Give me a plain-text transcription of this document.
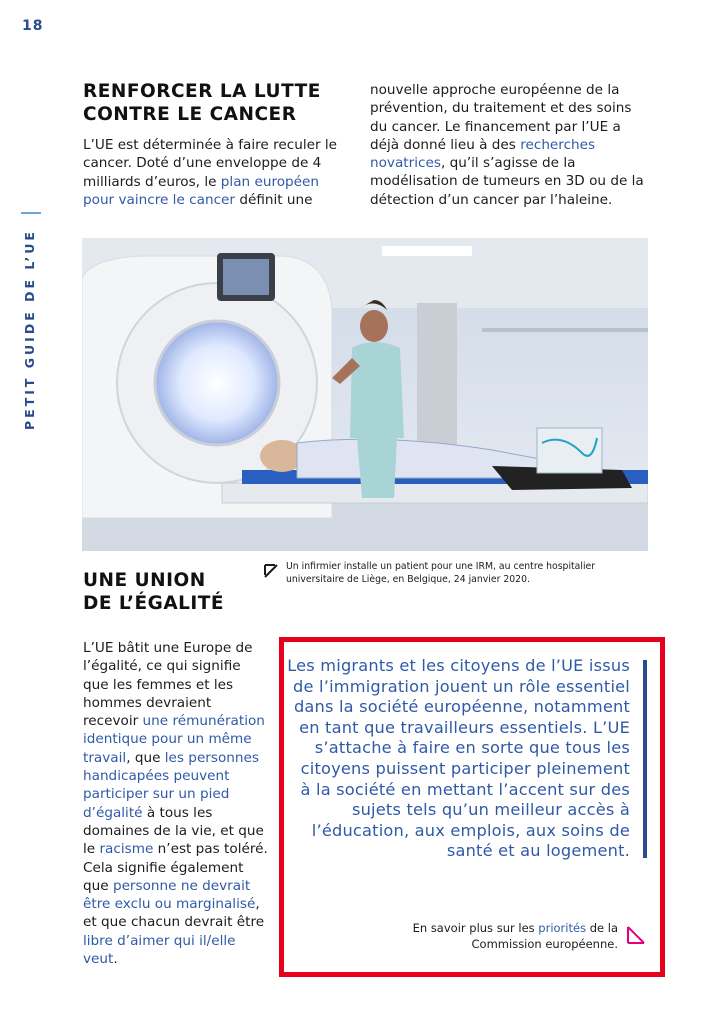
18
PETIT GUIDE DE L’UE
RENFORCER LA LUTTE
CONTRE LE CANCER

L’UE est déterminée à faire reculer le cancer. Doté d’une enveloppe de 4 milliards d’euros, le plan européen pour vaincre le cancer définit une

nouvelle approche européenne de la prévention, du traitement et des soins du cancer. Le financement par l’UE a déjà donné lieu à des recherches novatrices, qu’il s’agisse de la modélisation de tumeurs en 3D ou de la détection d’un cancer par l’haleine.

Un infirmier installe un patient pour une IRM, au centre hospitalier universitaire de Liège, en Belgique, 24 janvier 2020.
UNE UNION
DE L’ÉGALITÉ

L’UE bâtit une Europe de l’égalité, ce qui signifie que les femmes et les hommes devraient recevoir une rémunération identique pour un même travail, que les personnes handicapées peuvent participer sur un pied d’égalité à tous les domaines de la vie, et que le racisme n’est pas toléré. Cela signifie également que personne ne devrait être exclu ou marginalisé, et que chacun devrait être libre d’aimer qui il/elle veut.

Les migrants et les citoyens de l’UE issus de l’immigration jouent un rôle essentiel dans la société européenne, notamment en tant que travailleurs essentiels. L’UE s’attache à faire en sorte que tous les citoyens puissent participer pleinement à la société en mettant l’accent sur des sujets tels qu’un meilleur accès à l’éducation, aux emplois, aux soins de santé et au logement.
En savoir plus sur les priorités de la Commission européenne.
